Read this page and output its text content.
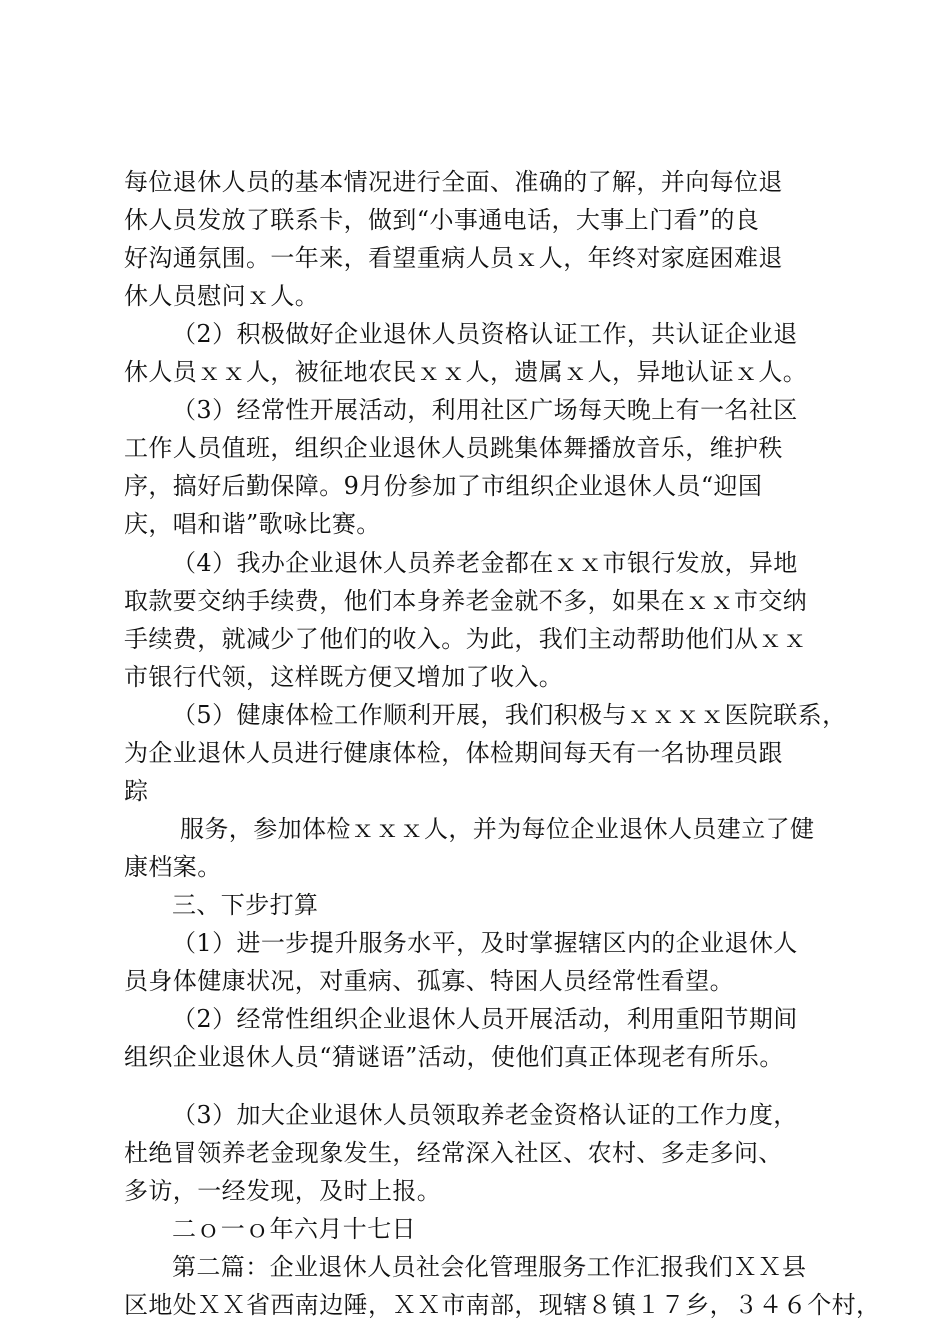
每位退休人员的基本情况进行全面、准确的了解，并向每位退
休人员发放了联系卡，做到“小事通电话，大事上门看”的良
好沟通氛围。一年来，看望重病人员ｘ人，年终对家庭困难退
休人员慰问ｘ人。
（2）积极做好企业退休人员资格认证工作，共认证企业退
休人员ｘｘ人，被征地农民ｘｘ人，遗属ｘ人，异地认证ｘ人。
（3）经常性开展活动，利用社区广场每天晚上有一名社区
工作人员值班，组织企业退休人员跳集体舞播放音乐，维护秩
序，搞好后勤保障。9月份参加了市组织企业退休人员“迎国
庆，唱和谐”歌咏比赛。
（4）我办企业退休人员养老金都在ｘｘ市银行发放，异地
取款要交纳手续费，他们本身养老金就不多，如果在ｘｘ市交纳
手续费，就减少了他们的收入。为此，我们主动帮助他们从ｘｘ
市银行代领，这样既方便又增加了收入。
（5）健康体检工作顺利开展，我们积极与ｘｘｘｘ医院联系，
为企业退休人员进行健康体检，体检期间每天有一名协理员跟
踪
服务，参加体检ｘｘｘ人，并为每位企业退休人员建立了健
康档案。
三、下步打算
（1）进一步提升服务水平，及时掌握辖区内的企业退休人
员身体健康状况，对重病、孤寡、特困人员经常性看望。
（2）经常性组织企业退休人员开展活动，利用重阳节期间
组织企业退休人员“猜谜语”活动，使他们真正体现老有所乐。
（3）加大企业退休人员领取养老金资格认证的工作力度，
杜绝冒领养老金现象发生，经常深入社区、农村、多走多问、
多访，一经发现，及时上报。
二ｏ一ｏ年六月十七日
第二篇：企业退休人员社会化管理服务工作汇报我们ＸＸ县
区地处ＸＸ省西南边陲，ＸＸ市南部，现辖８镇１７乡，３４６个村，
